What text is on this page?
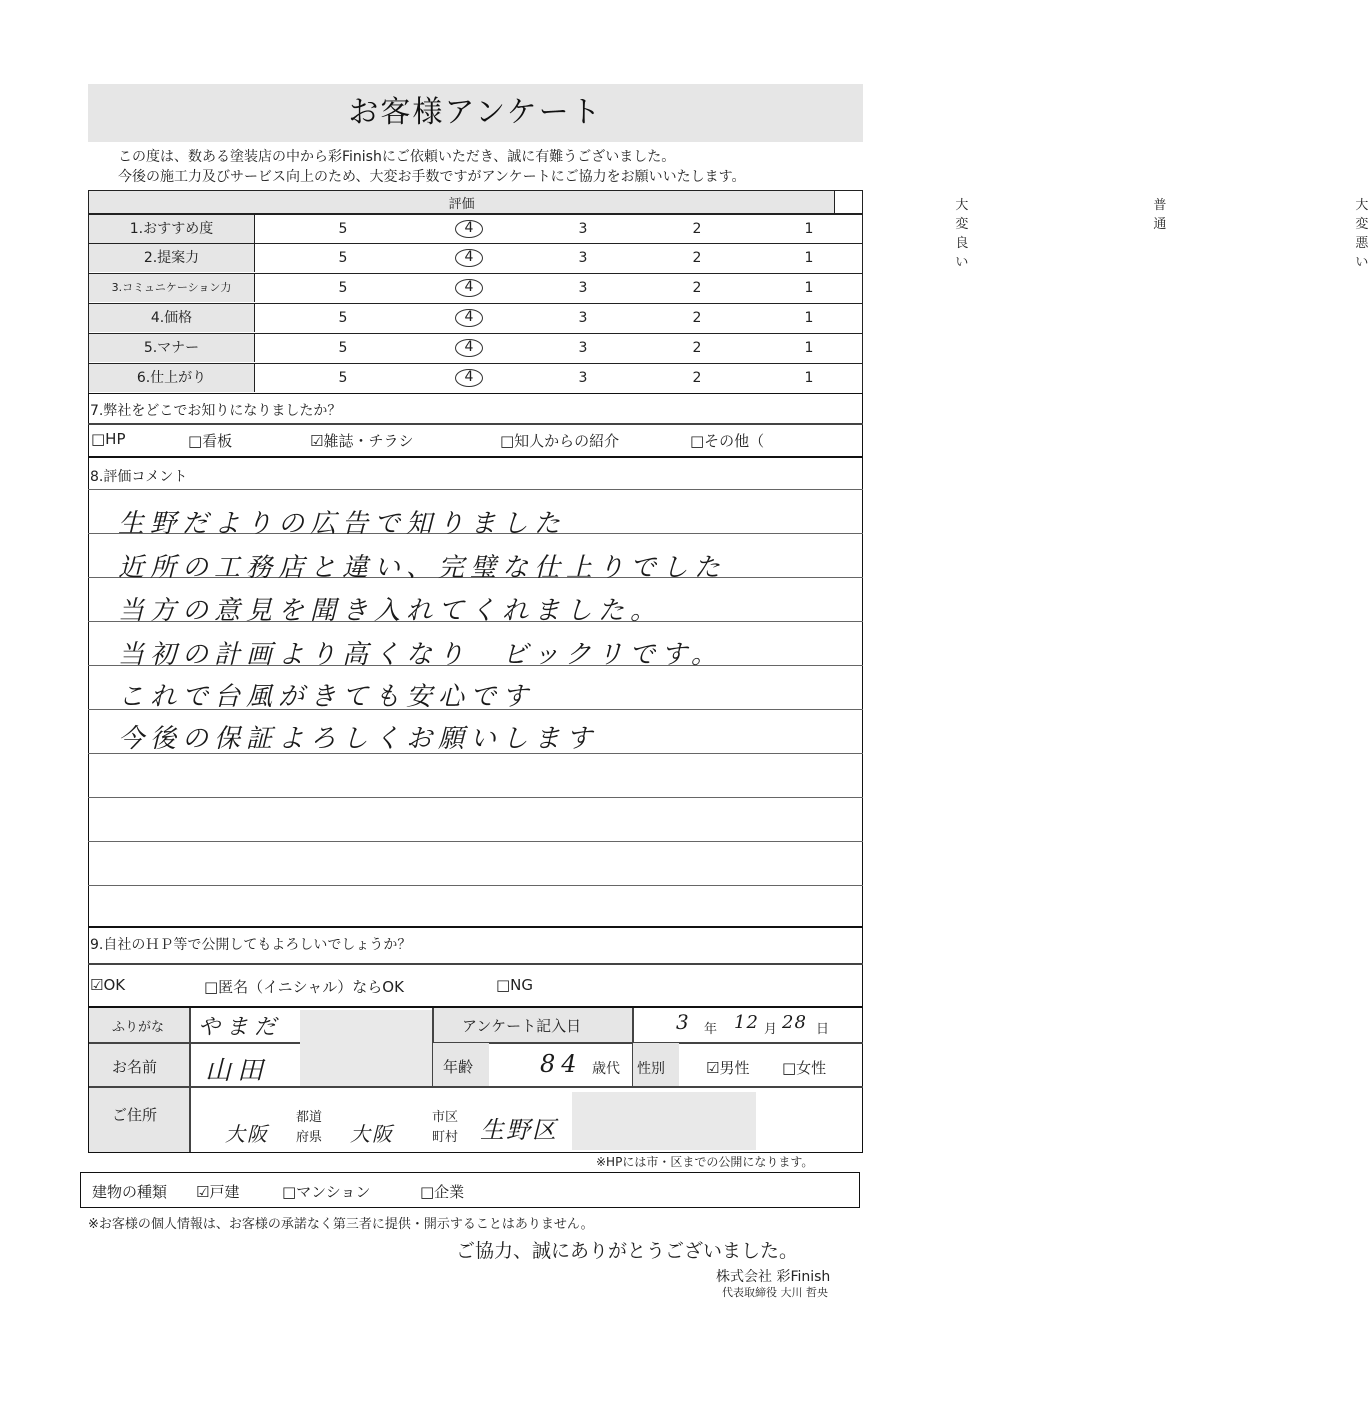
お客様アンケート
この度は、数ある塗装店の中から彩Finishにご依頼いただき、誠に有難うございました。
今後の施工力及びサービス向上のため、大変お手数ですがアンケートにご協力をお願いいたします。
評価	大変良い
普通
大変悪い
1.おすすめ度	5	4	3	2	1
2.提案力	5	4	3	2	1
3.コミュニケーション力	5	4	3	2	1
4.価格	5	4	3	2	1
5.マナー	5	4	3	2	1
6.仕上がり	5	4	3	2	1
7.弊社をどこでお知りになりましたか？
□HP	□看板	☑雑誌・チラシ	□知人からの紹介	□その他（
8.評価コメント
生野だよりの広告で知りました
近所の工務店と違い、完璧な仕上りでした
当方の意見を聞き入れてくれました。
当初の計画より高くなり　ビックリです。
これで台風がきても安心です
今後の保証よろしくお願いします
9.自社のＨＰ等で公開してもよろしいでしょうか？
☑OK	□匿名（イニシャル）ならOK	□NG
ふりがな やまだ	アンケート記入日	3 年 12 月 28 日
お名前 山田	年齢	84 歳代 性別	☑男性 □女性
ご住所
大阪
都道
府県 大阪
市区
町村 生野区
※HPには市・区までの公開になります。
建物の種類 ☑戸建	□マンション	□企業
※お客様の個人情報は、お客様の承諾なく第三者に提供・開示することはありません。
ご協力、誠にありがとうございました。
株式会社 彩Finish
代表取締役 大川 哲央
